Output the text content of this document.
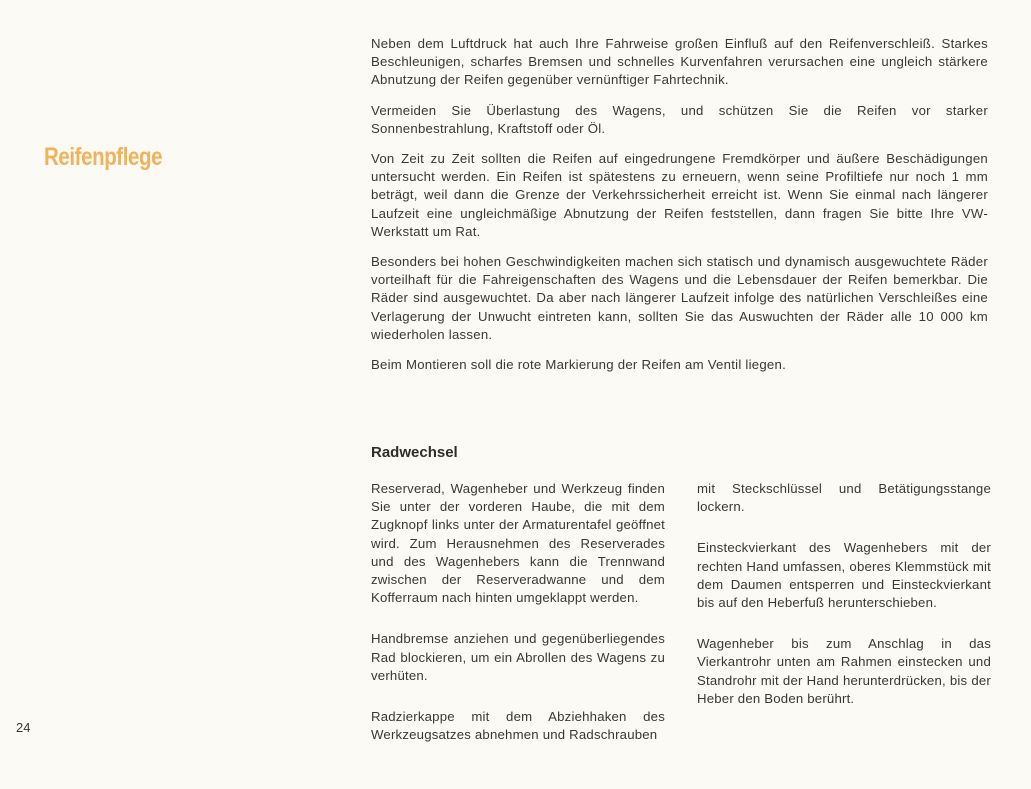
Reifenpflege

Neben dem Luftdruck hat auch Ihre Fahrweise großen Einfluß auf den Reifenverschleiß. Starkes Beschleunigen, scharfes Bremsen und schnelles Kurvenfahren verursachen eine ungleich stärkere Abnutzung der Reifen gegenüber vernünftiger Fahrtechnik.

Vermeiden Sie Überlastung des Wagens, und schützen Sie die Reifen vor starker Sonnenbestrahlung, Kraftstoff oder Öl.

Von Zeit zu Zeit sollten die Reifen auf eingedrungene Fremdkörper und äußere Beschädigungen untersucht werden. Ein Reifen ist spätestens zu erneuern, wenn seine Profiltiefe nur noch 1 mm beträgt, weil dann die Grenze der Verkehrssicherheit erreicht ist. Wenn Sie einmal nach längerer Laufzeit eine ungleichmäßige Abnutzung der Reifen feststellen, dann fragen Sie bitte Ihre VW-Werkstatt um Rat.

Besonders bei hohen Geschwindigkeiten machen sich statisch und dynamisch ausgewuchtete Räder vorteilhaft für die Fahreigenschaften des Wagens und die Lebensdauer der Reifen bemerkbar. Die Räder sind ausgewuchtet. Da aber nach längerer Laufzeit infolge des natürlichen Verschleißes eine Verlagerung der Unwucht eintreten kann, sollten Sie das Auswuchten der Räder alle 10 000 km wiederholen lassen.

Beim Montieren soll die rote Markierung der Reifen am Ventil liegen.

Radwechsel

Reserverad, Wagenheber und Werkzeug finden Sie unter der vorderen Haube, die mit dem Zugknopf links unter der Armaturentafel geöffnet wird. Zum Herausnehmen des Reserverades und des Wagenhebers kann die Trennwand zwischen der Reserveradwanne und dem Kofferraum nach hinten umgeklappt werden.

Handbremse anziehen und gegenüberliegendes Rad blockieren, um ein Abrollen des Wagens zu verhüten.

Radzierkappe mit dem Abziehhaken des Werkzeugsatzes abnehmen und Radschrauben

mit Steckschlüssel und Betätigungsstange lockern.

Einsteckvierkant des Wagenhebers mit der rechten Hand umfassen, oberes Klemmstück mit dem Daumen entsperren und Einsteckvierkant bis auf den Heberfuß herunterschieben.

Wagenheber bis zum Anschlag in das Vierkantrohr unten am Rahmen einstecken und Standrohr mit der Hand herunterdrücken, bis der Heber den Boden berührt.

24
